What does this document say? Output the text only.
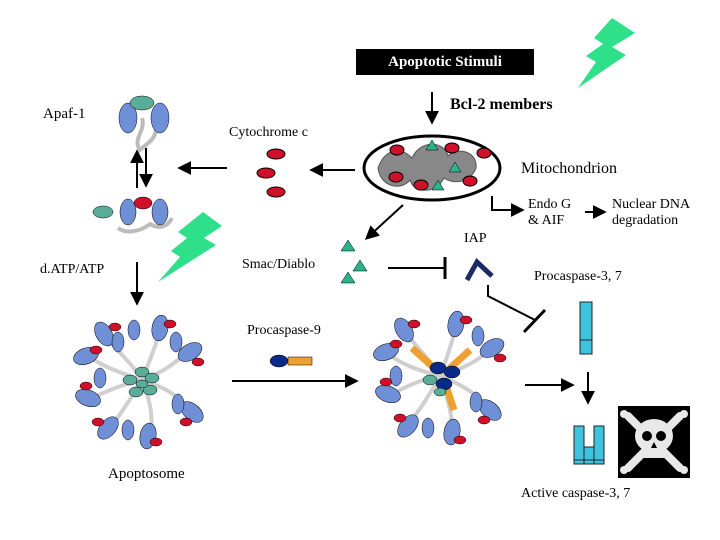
Apoptotic Stimuli
Bcl-2 members
Apaf-1
Cytochrome c
Mitochondrion
Endo G
& AIF
Nuclear DNA
degradation
IAP
d.ATP/ATP	Smac/Diablo
Procaspase-3, 7
Procaspase-9
Apoptosome
Active caspase-3, 7
